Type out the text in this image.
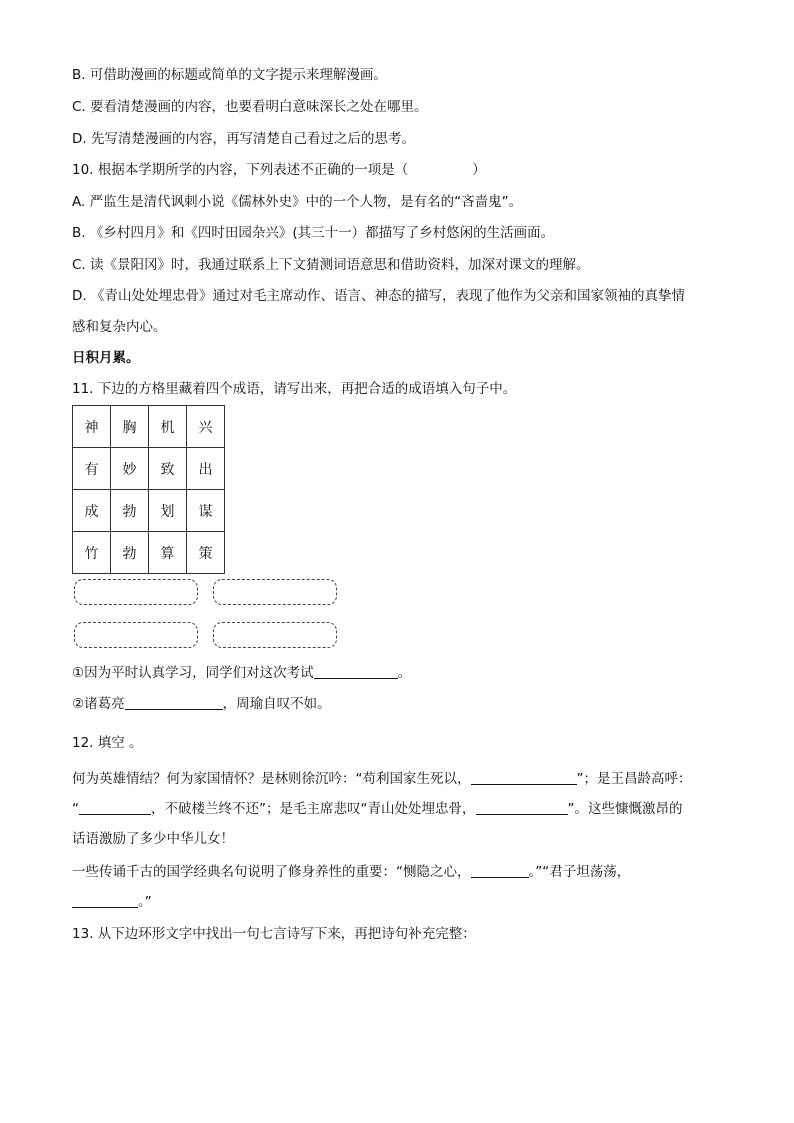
B. 可借助漫画的标题或简单的文字提示来理解漫画。
C. 要看清楚漫画的内容，也要看明白意味深长之处在哪里。
D. 先写清楚漫画的内容，再写清楚自己看过之后的思考。
10. 根据本学期所学的内容，下列表述不正确的一项是（	）
A. 严监生是清代讽刺小说《儒林外史》中的一个人物，是有名的“吝啬鬼”。
B. 《乡村四月》和《四时田园杂兴》(其三十一）都描写了乡村悠闲的生活画面。
C. 读《景阳冈》时，我通过联系上下文猜测词语意思和借助资料，加深对课文的理解。
D. 《青山处处埋忠骨》通过对毛主席动作、语言、神态的描写，表现了他作为父亲和国家领袖的真挚情
感和复杂内心。
日积月累。
11. 下边的方格里藏着四个成语，请写出来，再把合适的成语填入句子中。
神	胸	机	兴
有	妙	致	出
成	勃	划	谋
竹	勃	算	策
①因为平时认真学习，同学们对这次考试	。
②诸葛亮	，周瑜自叹不如。
12. 填空 。
何为英雄情结？何为家国情怀？是林则徐沉吟：“苟利国家生死以，	”；是王昌龄高呼：
“	，不破楼兰终不还”；是毛主席悲叹“青山处处埋忠骨，	”。这些慷慨激昂的
话语激励了多少中华儿女！
一些传诵千古的国学经典名句说明了修身养性的重要：“恻隐之心，	。”“君子坦荡荡，
。”
13. 从下边环形文字中找出一句七言诗写下来，再把诗句补充完整：
